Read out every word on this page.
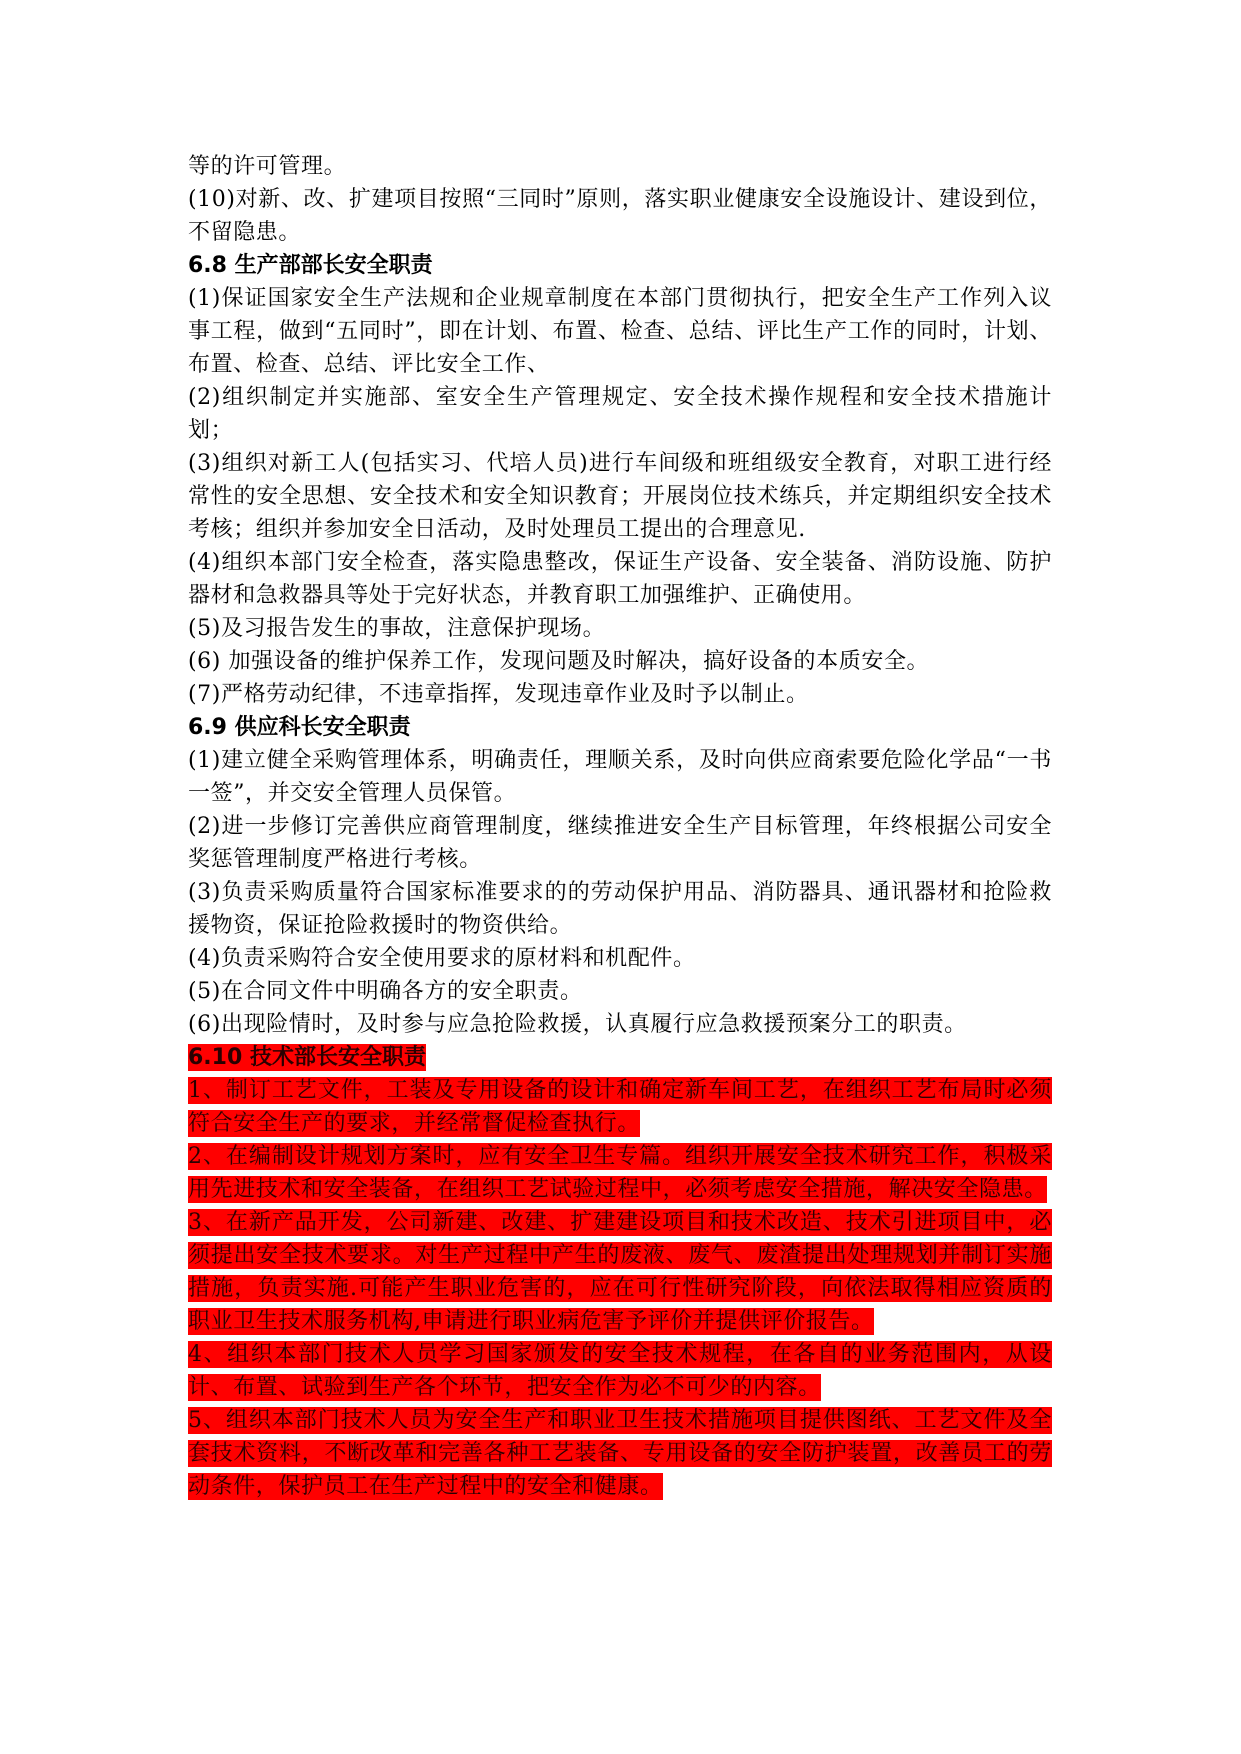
等的许可管理。

(10)对新、改、扩建项目按照“三同时”原则，落实职业健康安全设施设计、建设到位，不留隐患。

6.8 生产部部长安全职责

(1)保证国家安全生产法规和企业规章制度在本部门贯彻执行，把安全生产工作列入议事工程，做到“五同时”，即在计划、布置、检查、总结、评比生产工作的同时，计划、布置、检查、总结、评比安全工作、

(2)组织制定并实施部、室安全生产管理规定、安全技术操作规程和安全技术措施计划；

(3)组织对新工人(包括实习、代培人员)进行车间级和班组级安全教育，对职工进行经常性的安全思想、安全技术和安全知识教育；开展岗位技术练兵，并定期组织安全技术考核；组织并参加安全日活动，及时处理员工提出的合理意见.

(4)组织本部门安全检查，落实隐患整改，保证生产设备、安全装备、消防设施、防护器材和急救器具等处于完好状态，并教育职工加强维护、正确使用。

(5)及习报告发生的事故，注意保护现场。

(6) 加强设备的维护保养工作，发现问题及时解决，搞好设备的本质安全。

(7)严格劳动纪律，不违章指挥，发现违章作业及时予以制止。

6.9 供应科长安全职责

(1)建立健全采购管理体系，明确责任，理顺关系，及时向供应商索要危险化学品“一书一签”，并交安全管理人员保管。

(2)进一步修订完善供应商管理制度，继续推进安全生产目标管理，年终根据公司安全奖惩管理制度严格进行考核。

(3)负责采购质量符合国家标准要求的的劳动保护用品、消防器具、通讯器材和抢险救援物资，保证抢险救援时的物资供给。

(4)负责采购符合安全使用要求的原材料和机配件。

(5)在合同文件中明确各方的安全职责。

(6)出现险情时，及时参与应急抢险救援，认真履行应急救援预案分工的职责。

6.10 技术部长安全职责

1、制订工艺文件，工装及专用设备的设计和确定新车间工艺，在组织工艺布局时必须符合安全生产的要求，并经常督促检查执行。

2、在编制设计规划方案时，应有安全卫生专篇。组织开展安全技术研究工作，积极采用先进技术和安全装备，在组织工艺试验过程中，必须考虑安全措施，解决安全隐患。

3、在新产品开发，公司新建、改建、扩建建设项目和技术改造、技术引进项目中，必须提出安全技术要求。对生产过程中产生的废液、废气、废渣提出处理规划并制订实施措施，负责实施.可能产生职业危害的，应在可行性研究阶段，向依法取得相应资质的职业卫生技术服务机构,申请进行职业病危害予评价并提供评价报告。

4、组织本部门技术人员学习国家颁发的安全技术规程，在各自的业务范围内，从设计、布置、试验到生产各个环节，把安全作为必不可少的内容。

5、组织本部门技术人员为安全生产和职业卫生技术措施项目提供图纸、工艺文件及全套技术资料，不断改革和完善各种工艺装备、专用设备的安全防护装置，改善员工的劳动条件，保护员工在生产过程中的安全和健康。
